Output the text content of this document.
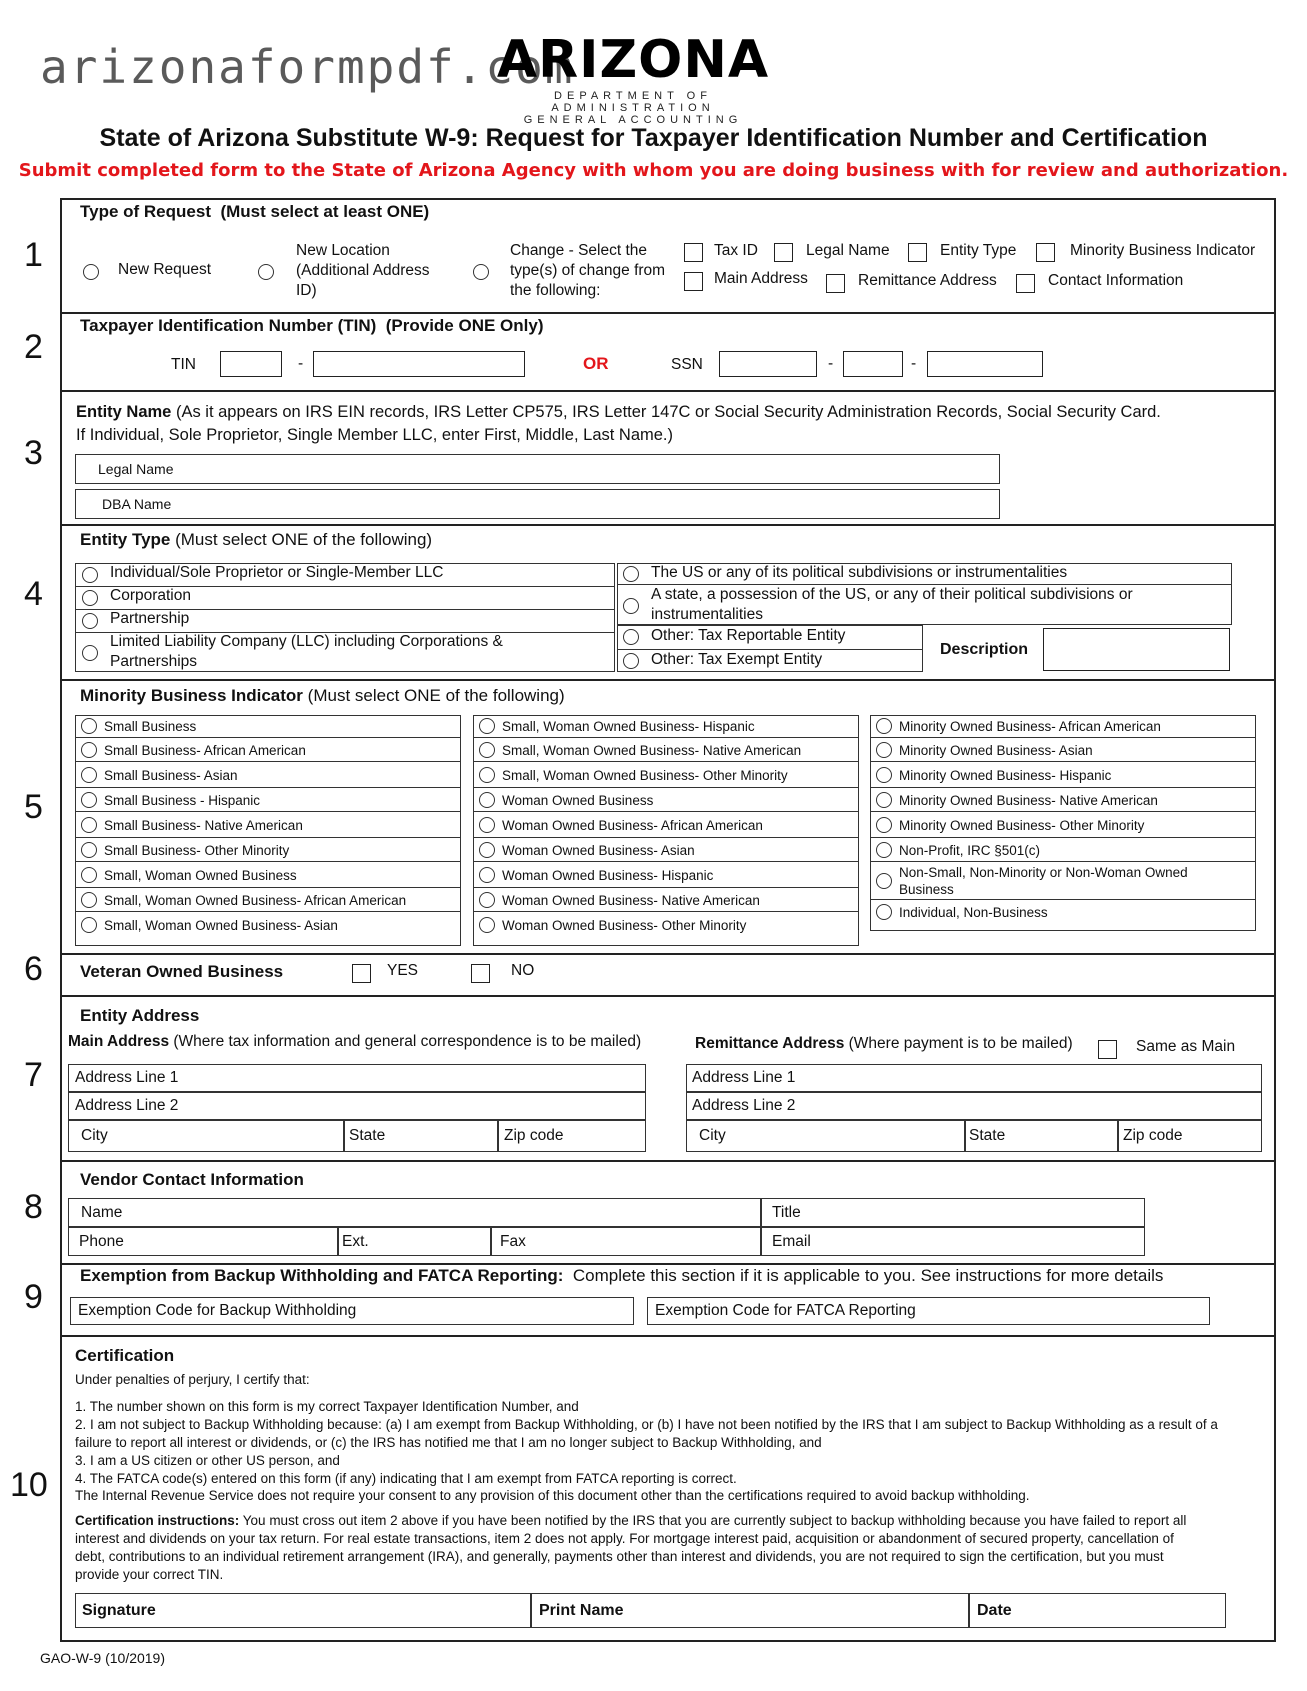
arizonaformpdf.com
ARIZONA
DEPARTMENT OF ADMINISTRATION
GENERAL ACCOUNTING
State of Arizona Substitute W-9: Request for Taxpayer Identification Number and Certification
Submit completed form to the State of Arizona Agency with whom you are doing business with for review and authorization.
1
2
3
4
5
6
7
8
9
10
Type of Request (Must select at least ONE)
New Request
New Location
(Additional Address
ID)
Change - Select the
type(s) of change from
the following:
Tax ID	Legal Name	Entity Type	Minority Business Indicator
Main Address	Remittance Address	Contact Information
Taxpayer Identification Number (TIN) (Provide ONE Only)
TIN	-	OR	SSN	-	-
Entity Name (As it appears on IRS EIN records, IRS Letter CP575, IRS Letter 147C or Social Security Administration Records, Social Security Card.
If Individual, Sole Proprietor, Single Member LLC, enter First, Middle, Last Name.)
Legal Name
DBA Name
Entity Type (Must select ONE of the following)
Individual/Sole Proprietor or Single-Member LLC
Corporation
Partnership
Limited Liability Company (LLC) including Corporations &
Partnerships
The US or any of its political subdivisions or instrumentalities
A state, a possession of the US, or any of their political subdivisions or
instrumentalities
Other: Tax Reportable Entity
Other: Tax Exempt Entity
Description
Minority Business Indicator (Must select ONE of the following)
Small Business
Small Business- African American
Small Business- Asian
Small Business - Hispanic
Small Business- Native American
Small Business- Other Minority
Small, Woman Owned Business
Small, Woman Owned Business- African American
Small, Woman Owned Business- Asian
Small, Woman Owned Business- Hispanic
Small, Woman Owned Business- Native American
Small, Woman Owned Business- Other Minority
Woman Owned Business
Woman Owned Business- African American
Woman Owned Business- Asian
Woman Owned Business- Hispanic
Woman Owned Business- Native American
Woman Owned Business- Other Minority
Minority Owned Business- African American
Minority Owned Business- Asian
Minority Owned Business- Hispanic
Minority Owned Business- Native American
Minority Owned Business- Other Minority
Non-Profit, IRC §501(c)
Non-Small, Non-Minority or Non-Woman Owned
Business
Individual, Non-Business
Veteran Owned Business	YES	NO
Entity Address
Main Address (Where tax information and general correspondence is to be mailed)	Remittance Address (Where payment is to be mailed)	Same as Main
Address Line 1
Address Line 2
City	State	Zip code
Address Line 1
Address Line 2
City	State	Zip code
Vendor Contact Information
Name	Title
Phone	Ext.	Fax	Email
Exemption from Backup Withholding and FATCA Reporting: Complete this section if it is applicable to you. See instructions for more details
Exemption Code for Backup Withholding	Exemption Code for FATCA Reporting
Certification
Under penalties of perjury, I certify that:
1. The number shown on this form is my correct Taxpayer Identification Number, and
2. I am not subject to Backup Withholding because: (a) I am exempt from Backup Withholding, or (b) I have not been notified by the IRS that I am subject to Backup Withholding as a result of a
failure to report all interest or dividends, or (c) the IRS has notified me that I am no longer subject to Backup Withholding, and
3. I am a US citizen or other US person, and
4. The FATCA code(s) entered on this form (if any) indicating that I am exempt from FATCA reporting is correct.
The Internal Revenue Service does not require your consent to any provision of this document other than the certifications required to avoid backup withholding.
Certification instructions: You must cross out item 2 above if you have been notified by the IRS that you are currently subject to backup withholding because you have failed to report all
interest and dividends on your tax return. For real estate transactions, item 2 does not apply. For mortgage interest paid, acquisition or abandonment of secured property, cancellation of
debt, contributions to an individual retirement arrangement (IRA), and generally, payments other than interest and dividends, you are not required to sign the certification, but you must
provide your correct TIN.
Signature	Print Name	Date
GAO-W-9 (10/2019)
